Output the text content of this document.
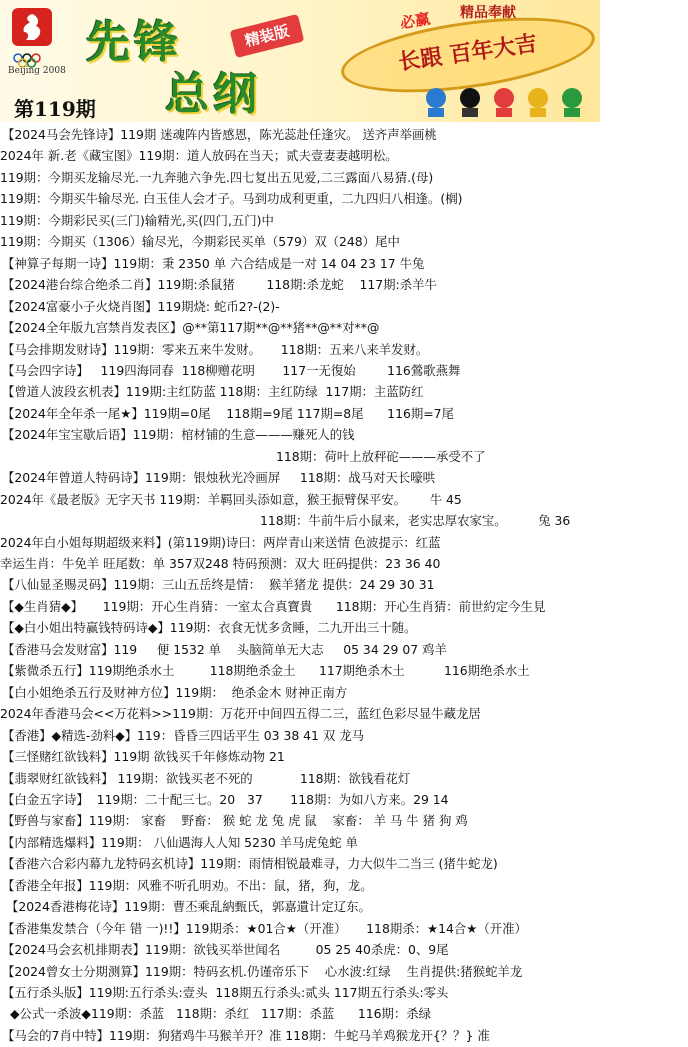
Beijing 2008
先锋
总纲
精装版
第119期
必赢 精品奉献
长跟 百年大吉
【2024马会先锋诗】119期 迷魂阵内皆感恩，陈光蕊赴任逢灾。 送齐声举画桃
2024年 新.老《藏宝图》119期：道人放码在当天；贰夫壹妻妻越明松。
119期：今期买龙输尽光.一九奔驰六争先.四七复出五见爱,二三露面八易猜.(母)
119期：今期买牛输尽光. 白玉佳人会才子。马到功成利更重，二九四归八相逢。(榈)
119期：今期彩民买(三门)输精光,买(四门,五门)中
119期：今期买（1306）输尽光，今期彩民买单（579）双（248）尾中
【神算子每期一诗】119期：秉 2350 单 六合结成是一对 14 04 23 17 牛兔
【2024港台综合绝杀二肖】119期:杀鼠猪        118期:杀龙蛇    117期:杀羊牛
【2024富豪小子火烧肖图】119期烧: 蛇币2?-(2)-
【2024全年版九宫禁肖发表区】@**第117期**@**猪**@**对**@
【马会排期发财诗】119期：零来五来牛发财。     118期：五来八来羊发财。
【马会四字诗】   119四海同春  118柳赠花明       117一无復始        116鶯歌燕舞
【曾道人波段玄机表】119期:主红防蓝 118期：主红防绿  117期：主蓝防红
【2024年全年杀一尾★】119期=0尾    118期=9尾 117期=8尾      116期=7尾
【2024年宝宝歇后语】119期：棺材铺的生意———赚死人的钱
118期：荷叶上放秤砣———承受不了
【2024年曾道人特码诗】119期：银烛秋光冷画屏     118期：战马对天长嚎哄
2024年《最老版》无字天书 119期：羊羁回头添如意，猴王振臂保平安。      牛 45
118期：牛前牛后小鼠来，老实忠厚农家宝。        兔 36
2024年白小姐每期超级来料】(第119期)诗曰：两岸青山来送情 色波提示：红蓝
幸运生肖：牛免羊 旺尾数：单 357双248 特码预测：双大 旺码提供：23 36 40
【八仙显圣赐灵码】119期：三山五岳终是情：  猴羊猪龙 提供：24 29 30 31
【◆生肖猜◆】     119期：开心生肖猜：一室太合真寶貴      118期：开心生肖猜：前世約定今生見
【◆白小姐出特赢钱特码诗◆】119期：衣食无忧多贪睡，二九开出三十随。
【香港马会发财富】119     便 1532 单    头脑简单无大志     05 34 29 07 鸡羊
【紫微杀五行】119期绝杀水土         118期绝杀金土      117期绝杀木土          116期绝杀水土
【白小姐绝杀五行及财神方位】119期：  绝杀金木 财神正南方
2024年香港马会<<万花料>>119期：万花开中间四五得二三，蓝红色彩尽显牛藏龙居
【香港】◆精选-劲料◆】119：昏昏三四话平生 03 38 41 双 龙马
【三怪赌红欲钱料】119期 欲钱买千年修炼动物 21
【翡翠财红欲钱料】 119期：欲钱买老不死的            118期：欲钱看花灯
【白金五字诗】  119期：二十配三七。20   37       118期：为如八方来。29 14
【野兽与家畜】119期： 家畜    野畜： 猴 蛇 龙 兔 虎 鼠    家畜： 羊 马 牛 猪 狗 鸡
【内部精选爆料】119期： 八仙遇海人人知 5230 羊马虎兔蛇 单
【香港六合彩内幕九龙特码玄机诗】119期：雨情相锐最难寻，力大似牛二当三 (猪牛蛇龙)
【香港全年报】119期：风雅不听孔明劝。不出：鼠，猪，狗，龙。
【2024香港梅花诗】119期：曹丕乘乱納甄氏，郭嘉遺计定辽东。
【香港集发禁合（今年 错 一)!!】119期杀：★01合★（开准）     118期杀：★14合★（开准）
【2024马会玄机排期表】119期：欲钱买举世闻名         05 25 40杀虎：0、9尾
【2024曾女士分期测算】119期：特码玄机.仍谨帝乐下    心水波:红绿    生肖提供:猪猴蛇羊龙
【五行杀头版】119期:五行杀头:壹头  118期五行杀头:贰头 117期五行杀头:零头
◆公式一杀波◆119期：杀蓝   118期：杀红   117期：杀蓝      116期：杀绿
【马会的7肖中特】119期：狗猪鸡牛马猴羊开？准 118期：牛蛇马羊鸡猴龙开{？？} 准
